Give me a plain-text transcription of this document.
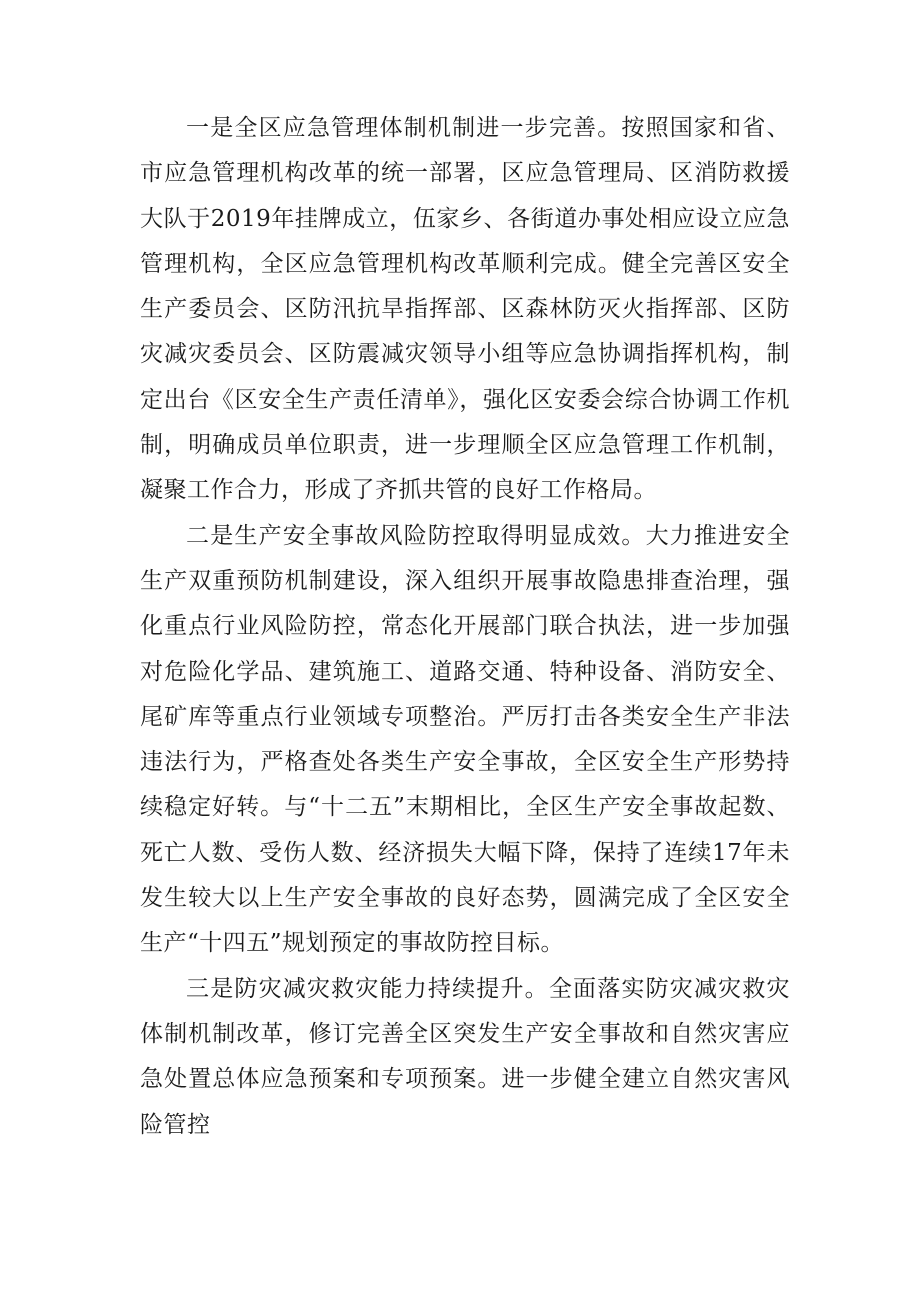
一是全区应急管理体制机制进一步完善。按照国家和省、市应急管理机构改革的统一部署，区应急管理局、区消防救援大队于2019年挂牌成立，伍家乡、各街道办事处相应设立应急管理机构，全区应急管理机构改革顺利完成。健全完善区安全生产委员会、区防汛抗旱指挥部、区森林防灭火指挥部、区防灾减灾委员会、区防震减灾领导小组等应急协调指挥机构，制定出台《区安全生产责任清单》，强化区安委会综合协调工作机制，明确成员单位职责，进一步理顺全区应急管理工作机制，凝聚工作合力，形成了齐抓共管的良好工作格局。

二是生产安全事故风险防控取得明显成效。大力推进安全生产双重预防机制建设，深入组织开展事故隐患排查治理，强化重点行业风险防控，常态化开展部门联合执法，进一步加强对危险化学品、建筑施工、道路交通、特种设备、消防安全、尾矿库等重点行业领域专项整治。严厉打击各类安全生产非法违法行为，严格查处各类生产安全事故，全区安全生产形势持续稳定好转。与“十二五”末期相比，全区生产安全事故起数、死亡人数、受伤人数、经济损失大幅下降，保持了连续17年未发生较大以上生产安全事故的良好态势，圆满完成了全区安全生产“十四五”规划预定的事故防控目标。

三是防灾减灾救灾能力持续提升。全面落实防灾减灾救灾体制机制改革，修订完善全区突发生产安全事故和自然灾害应急处置总体应急预案和专项预案。进一步健全建立自然灾害风险管控
